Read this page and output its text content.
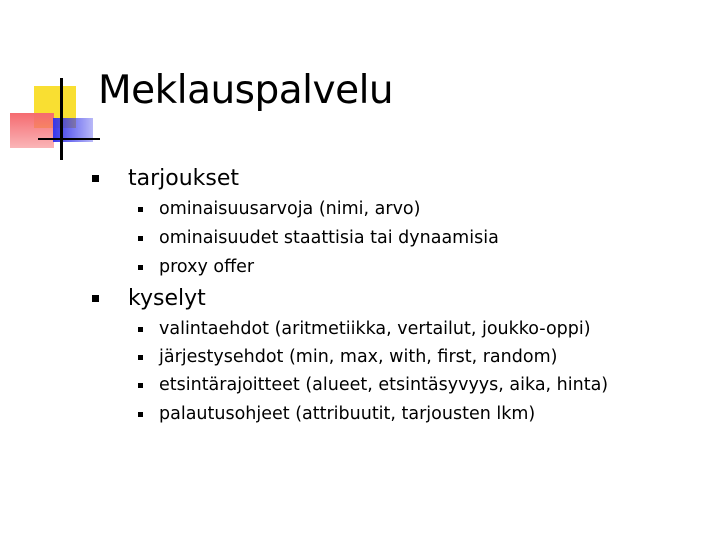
Meklauspalvelu
tarjoukset
ominaisuusarvoja (nimi, arvo)
ominaisuudet staattisia tai dynaamisia
proxy offer
kyselyt
valintaehdot (aritmetiikka, vertailut, joukko-oppi)
järjestysehdot (min, max, with, first, random)
etsintärajoitteet (alueet, etsintäsyvyys, aika, hinta)
palautusohjeet (attribuutit, tarjousten lkm)
